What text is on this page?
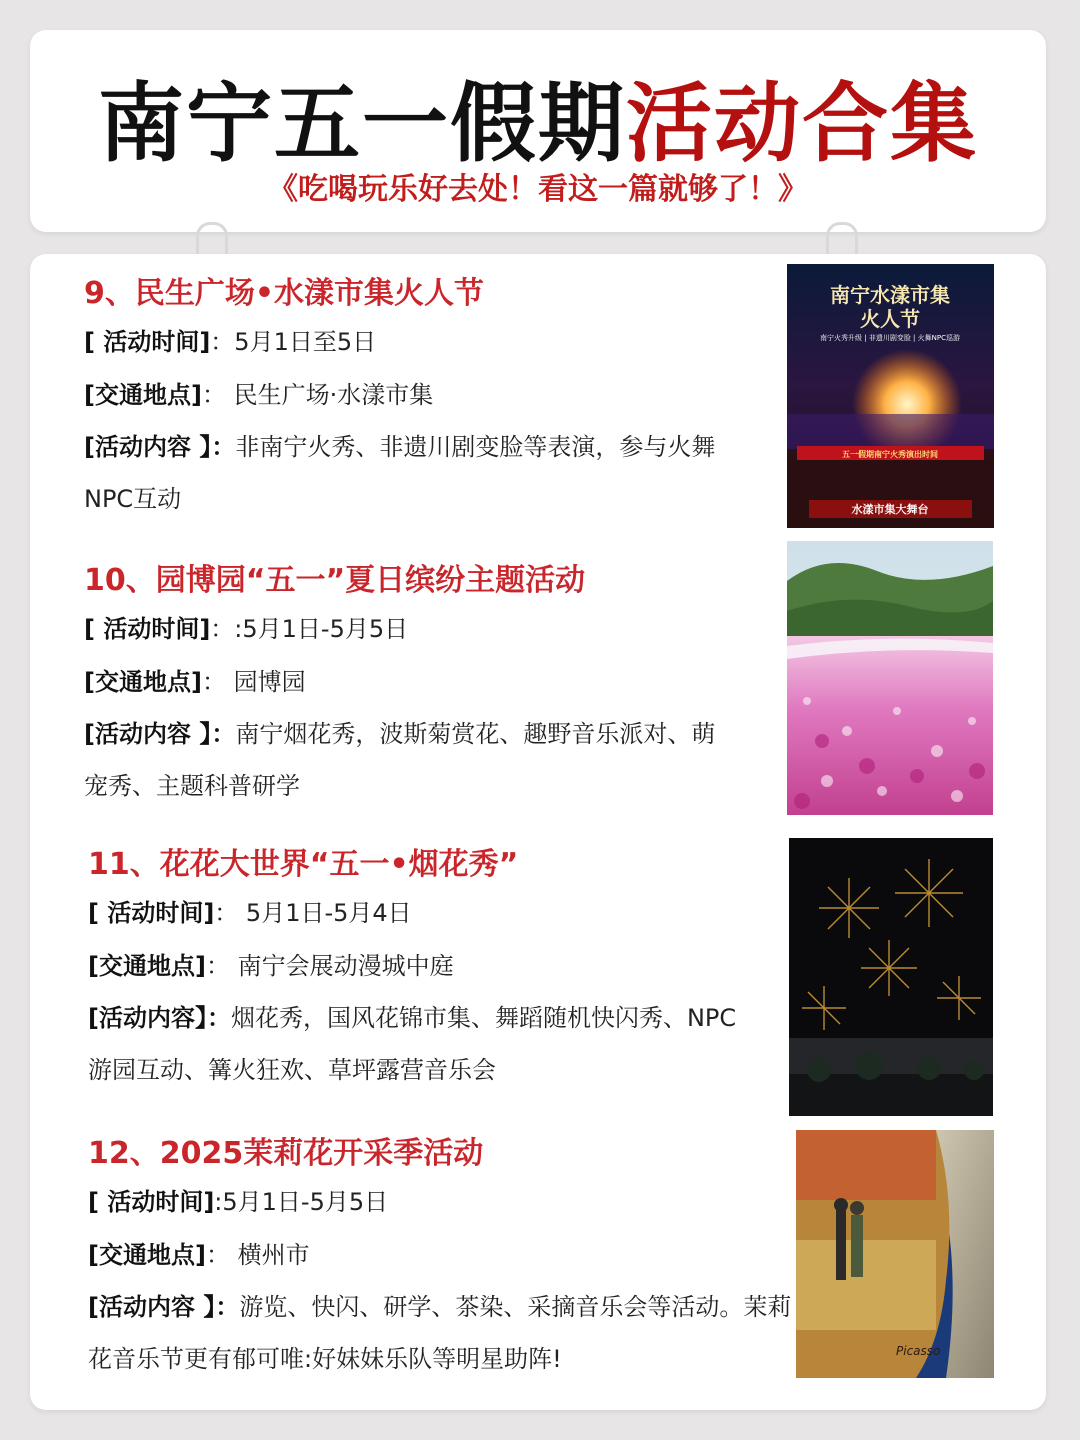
南宁五一假期活动合集
《吃喝玩乐好去处！看这一篇就够了！》
9、民生广场•水漾市集火人节
[ 活动时间]：5月1日至5日
[交通地点]： 民生广场·水漾市集
[活动内容 】：非南宁火秀、非遗川剧变脸等表演，参与火舞NPC互动
南宁水漾市集
火人节
南宁火秀升级 | 非遗川剧变脸 | 火舞NPC巡游
五一假期南宁火秀演出时间
水漾市集大舞台
10、园博园“五一”夏日缤纷主题活动
[ 活动时间]：:5月1日-5月5日
[交通地点]： 园博园
[活动内容 】：南宁烟花秀，波斯菊赏花、趣野音乐派对、萌宠秀、主题科普研学
11、花花大世界“五一•烟花秀”
[ 活动时间]： 5月1日-5月4日
[交通地点]： 南宁会展动漫城中庭
[活动内容】：烟花秀，国风花锦市集、舞蹈随机快闪秀、NPC游园互动、篝火狂欢、草坪露营音乐会
12、2025茉莉花开采季活动
[ 活动时间]:5月1日-5月5日
[交通地点]： 横州市
[活动内容 】：游览、快闪、研学、茶染、采摘音乐会等活动。茉莉花音乐节更有郁可唯:好妹妹乐队等明星助阵!	Picasso
